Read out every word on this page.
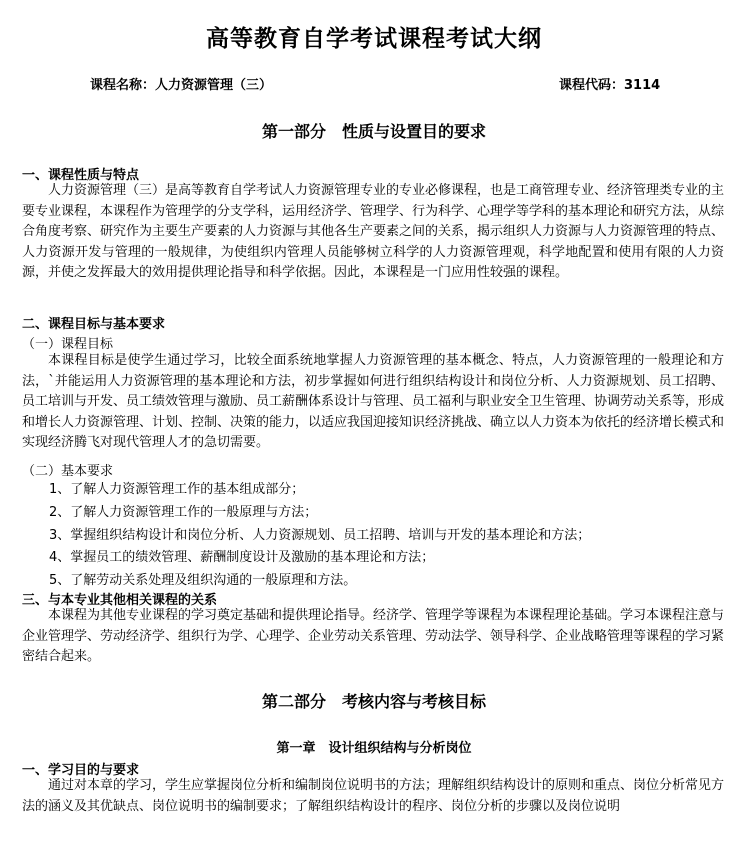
高等教育自学考试课程考试大纲
课程名称：人力资源管理（三）	课程代码：3114
第一部分　性质与设置目的要求
一、课程性质与特点

人力资源管理（三）是高等教育自学考试人力资源管理专业的专业必修课程，也是工商管理专业、经济管理类专业的主要专业课程，本课程作为管理学的分支学科，运用经济学、管理学、行为科学、心理学等学科的基本理论和研究方法，从综合角度考察、研究作为主要生产要素的人力资源与其他各生产要素之间的关系，揭示组织人力资源与人力资源管理的特点、人力资源开发与管理的一般规律，为使组织内管理人员能够树立科学的人力资源管理观，科学地配置和使用有限的人力资源，并使之发挥最大的效用提供理论指导和科学依据。因此，本课程是一门应用性较强的课程。

二、课程目标与基本要求
（一）课程目标

本课程目标是使学生通过学习，比较全面系统地掌握人力资源管理的基本概念、特点，人力资源管理的一般理论和方法，`并能运用人力资源管理的基本理论和方法，初步掌握如何进行组织结构设计和岗位分析、人力资源规划、员工招聘、员工培训与开发、员工绩效管理与激励、员工薪酬体系设计与管理、员工福利与职业安全卫生管理、协调劳动关系等，形成和增长人力资源管理、计划、控制、决策的能力，以适应我国迎接知识经济挑战、确立以人力资本为依托的经济增长模式和实现经济腾飞对现代管理人才的急切需要。

（二）基本要求
1、了解人力资源管理工作的基本组成部分；
2、了解人力资源管理工作的一般原理与方法；
3、掌握组织结构设计和岗位分析、人力资源规划、员工招聘、培训与开发的基本理论和方法；
4、掌握员工的绩效管理、薪酬制度设计及激励的基本理论和方法；
5、了解劳动关系处理及组织沟通的一般原理和方法。
三、与本专业其他相关课程的关系

本课程为其他专业课程的学习奠定基础和提供理论指导。经济学、管理学等课程为本课程理论基础。学习本课程注意与企业管理学、劳动经济学、组织行为学、心理学、企业劳动关系管理、劳动法学、领导科学、企业战略管理等课程的学习紧密结合起来。

第二部分　考核内容与考核目标
第一章　设计组织结构与分析岗位
一、学习目的与要求

通过对本章的学习，学生应掌握岗位分析和编制岗位说明书的方法；理解组织结构设计的原则和重点、岗位分析常见方法的涵义及其优缺点、岗位说明书的编制要求；了解组织结构设计的程序、岗位分析的步骤以及岗位说明
